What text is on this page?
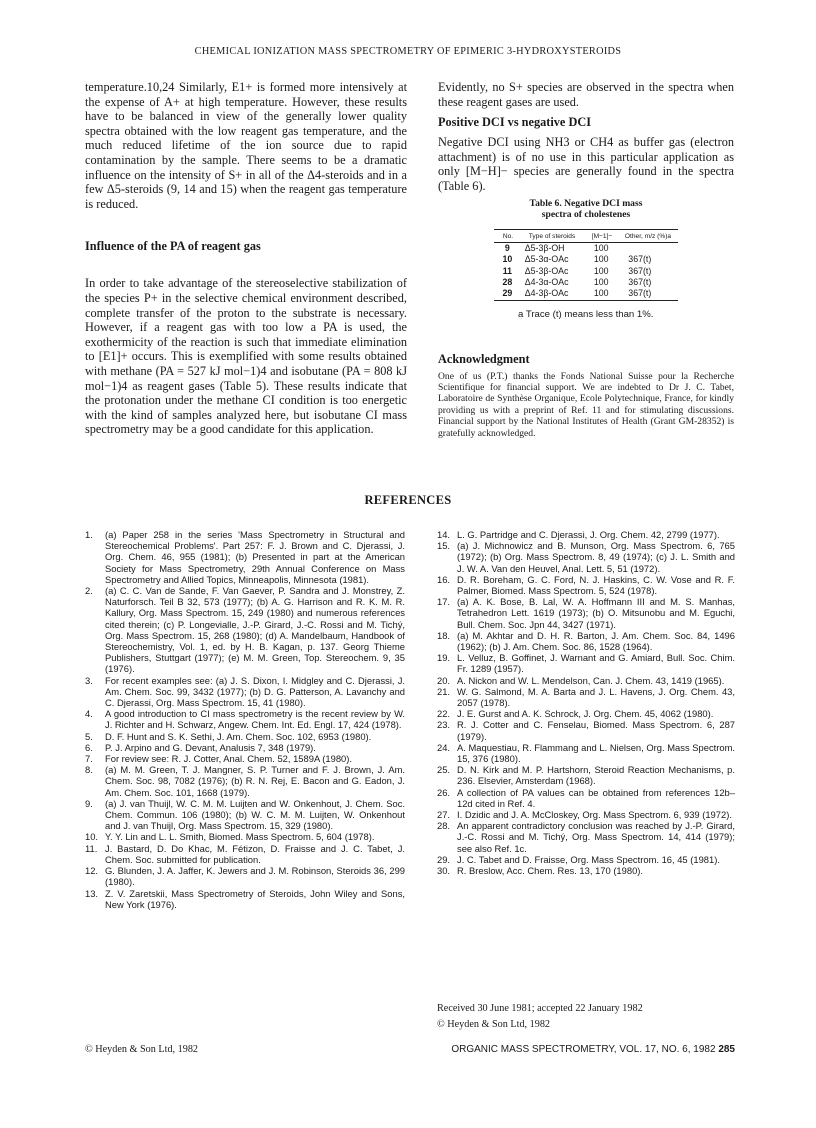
CHEMICAL IONIZATION MASS SPECTROMETRY OF EPIMERIC 3-HYDROXYSTEROIDS

temperature.10,24 Similarly, E1+ is formed more intensively at the expense of A+ at high temperature. However, these results have to be balanced in view of the generally lower quality spectra obtained with the low reagent gas temperature, and the much reduced lifetime of the ion source due to rapid contamination by the sample. There seems to be a dramatic influence on the intensity of S+ in all of the Δ4-steroids and in a few Δ5-steroids (9, 14 and 15) when the reagent gas temperature is reduced.

Influence of the PA of reagent gas

In order to take advantage of the stereoselective stabilization of the species P+ in the selective chemical environment described, complete transfer of the proton to the substrate is necessary. However, if a reagent gas with too low a PA is used, the exothermicity of the reaction is such that immediate elimination to [E1]+ occurs. This is exemplified with some results obtained with methane (PA = 527 kJ mol−1)4 and isobutane (PA = 808 kJ mol−1)4 as reagent gases (Table 5). These results indicate that the protonation under the methane CI condition is too energetic with the kind of samples analyzed here, but isobutane CI mass spectrometry may be a good candidate for this application.

Evidently, no S+ species are observed in the spectra when these reagent gases are used.

Positive DCI vs negative DCI

Negative DCI using NH3 or CH4 as buffer gas (electron attachment) is of no use in this particular application as only [M−H]− species are generally found in the spectra (Table 6).

Table 6. Negative DCI mass
spectra of cholestenes

No.	Type of steroids	[M−1]−	Other, m/z (%)a
9	Δ5-3β-OH	100
10	Δ5-3α-OAc	100	367(t)
11	Δ5-3β-OAc	100	367(t)
28	Δ4-3α-OAc	100	367(t)
29	Δ4-3β-OAc	100	367(t)

a Trace (t) means less than 1%.

Acknowledgment

One of us (P.T.) thanks the Fonds National Suisse pour la Recherche Scientifique for financial support. We are indebted to Dr J. C. Tabet, Laboratoire de Synthèse Organique, Ecole Polytechnique, France, for kindly providing us with a preprint of Ref. 11 and for stimulating discussions. Financial support by the National Institutes of Health (Grant GM-28352) is gratefully acknowledged.

REFERENCES

1. (a) Paper 258 in the series 'Mass Spectrometry in Structural and Stereochemical Problems'. Part 257: F. J. Brown and C. Djerassi, J. Org. Chem. 46, 955 (1981); (b) Presented in part at the American Society for Mass Spectrometry, 29th Annual Conference on Mass Spectrometry and Allied Topics, Minneapolis, Minnesota (1981).

2. (a) C. C. Van de Sande, F. Van Gaever, P. Sandra and J. Monstrey, Z. Naturforsch. Teil B 32, 573 (1977); (b) A. G. Harrison and R. K. M. R. Kallury, Org. Mass Spectrom. 15, 249 (1980) and numerous references cited therein; (c) P. Longevialle, J.-P. Girard, J.-C. Rossi and M. Tichý, Org. Mass Spectrom. 15, 268 (1980); (d) A. Mandelbaum, Handbook of Stereochemistry, Vol. 1, ed. by H. B. Kagan, p. 137. Georg Thieme Publishers, Stuttgart (1977); (e) M. M. Green, Top. Stereochem. 9, 35 (1976).

3. For recent examples see: (a) J. S. Dixon, I. Midgley and C. Djerassi, J. Am. Chem. Soc. 99, 3432 (1977); (b) D. G. Patterson, A. Lavanchy and C. Djerassi, Org. Mass Spectrom. 15, 41 (1980).

4. A good introduction to CI mass spectrometry is the recent review by W. J. Richter and H. Schwarz, Angew. Chem. Int. Ed. Engl. 17, 424 (1978).

5. D. F. Hunt and S. K. Sethi, J. Am. Chem. Soc. 102, 6953 (1980).

6. P. J. Arpino and G. Devant, Analusis 7, 348 (1979).

7. For review see: R. J. Cotter, Anal. Chem. 52, 1589A (1980).

8. (a) M. M. Green, T. J. Mangner, S. P. Turner and F. J. Brown, J. Am. Chem. Soc. 98, 7082 (1976); (b) R. N. Rej, E. Bacon and G. Eadon, J. Am. Chem. Soc. 101, 1668 (1979).

9. (a) J. van Thuijl, W. C. M. M. Luijten and W. Onkenhout, J. Chem. Soc. Chem. Commun. 106 (1980); (b) W. C. M. M. Luijten, W. Onkenhout and J. van Thuijl, Org. Mass Spectrom. 15, 329 (1980).

10. Y. Y. Lin and L. L. Smith, Biomed. Mass Spectrom. 5, 604 (1978).

11. J. Bastard, D. Do Khac, M. Fétizon, D. Fraisse and J. C. Tabet, J. Chem. Soc. submitted for publication.

12. G. Blunden, J. A. Jaffer, K. Jewers and J. M. Robinson, Steroids 36, 299 (1980).

13. Z. V. Zaretskii, Mass Spectrometry of Steroids, John Wiley and Sons, New York (1976).

14. L. G. Partridge and C. Djerassi, J. Org. Chem. 42, 2799 (1977).

15. (a) J. Michnowicz and B. Munson, Org. Mass Spectrom. 6, 765 (1972); (b) Org. Mass Spectrom. 8, 49 (1974); (c) J. L. Smith and J. W. A. Van den Heuvel, Anal. Lett. 5, 51 (1972).

16. D. R. Boreham, G. C. Ford, N. J. Haskins, C. W. Vose and R. F. Palmer, Biomed. Mass Spectrom. 5, 524 (1978).

17. (a) A. K. Bose, B. Lal, W. A. Hoffmann III and M. S. Manhas, Tetrahedron Lett. 1619 (1973); (b) O. Mitsunobu and M. Eguchi, Bull. Chem. Soc. Jpn 44, 3427 (1971).

18. (a) M. Akhtar and D. H. R. Barton, J. Am. Chem. Soc. 84, 1496 (1962); (b) J. Am. Chem. Soc. 86, 1528 (1964).

19. L. Velluz, B. Goffinet, J. Warnant and G. Amiard, Bull. Soc. Chim. Fr. 1289 (1957).

20. A. Nickon and W. L. Mendelson, Can. J. Chem. 43, 1419 (1965).

21. W. G. Salmond, M. A. Barta and J. L. Havens, J. Org. Chem. 43, 2057 (1978).

22. J. E. Gurst and A. K. Schrock, J. Org. Chem. 45, 4062 (1980).

23. R. J. Cotter and C. Fenselau, Biomed. Mass Spectrom. 6, 287 (1979).

24. A. Maquestiau, R. Flammang and L. Nielsen, Org. Mass Spectrom. 15, 376 (1980).

25. D. N. Kirk and M. P. Hartshorn, Steroid Reaction Mechanisms, p. 236. Elsevier, Amsterdam (1968).

26. A collection of PA values can be obtained from references 12b–12d cited in Ref. 4.

27. I. Dzidic and J. A. McCloskey, Org. Mass Spectrom. 6, 939 (1972).

28. An apparent contradictory conclusion was reached by J.-P. Girard, J.-C. Rossi and M. Tichý, Org. Mass Spectrom. 14, 414 (1979); see also Ref. 1c.

29. J. C. Tabet and D. Fraisse, Org. Mass Spectrom. 16, 45 (1981).

30. R. Breslow, Acc. Chem. Res. 13, 170 (1980).

Received 30 June 1981; accepted 22 January 1982
© Heyden & Son Ltd, 1982
© Heyden & Son Ltd, 1982	ORGANIC MASS SPECTROMETRY, VOL. 17, NO. 6, 1982 285
